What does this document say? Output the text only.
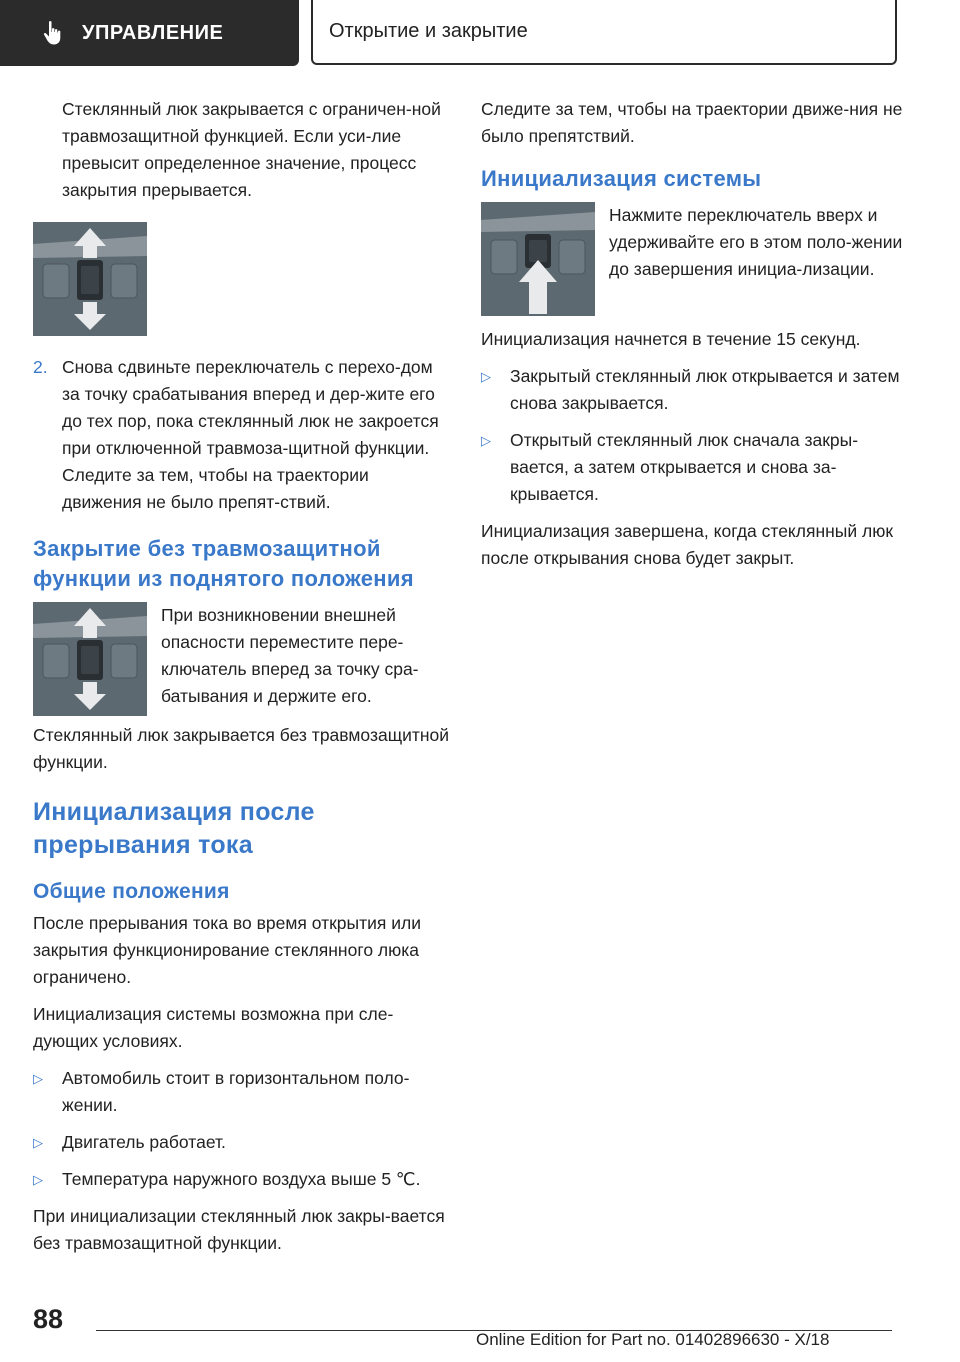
УПРАВЛЕНИЕ	Открытие и закрытие

Стеклянный люк закрывается с ограничен-ной травмозащитной функцией. Если уси-лие превысит определенное значение, процесс закрытия прерывается.

2. Снова сдвиньте переключатель с перехо-дом за точку срабатывания вперед и дер-жите его до тех пор, пока стеклянный люк не закроется при отключенной травмоза-щитной функции. Следите за тем, чтобы на траектории движения не было препят-ствий.
Закрытие без травмозащитной функции из поднятого положения
При возникновении внешней опасности переместите пере-ключатель вперед за точку сра-батывания и держите его.

Стеклянный люк закрывается без травмозащитной функции.

Инициализация после прерывания тока
Общие положения

После прерывания тока во время открытия или закрытия функционирование стеклянного люка ограничено.

Инициализация системы возможна при сле-дующих условиях.

▷	Автомобиль стоит в горизонтальном поло-жении.
▷	Двигатель работает.
▷	Температура наружного воздуха выше 5 ℃.

При инициализации стеклянный люк закры-вается без травмозащитной функции.

Следите за тем, чтобы на траектории движе-ния не было препятствий.

Инициализация системы
Нажмите переключатель вверх и удерживайте его в этом поло-жении до завершения инициа-лизации.

Инициализация начнется в течение 15 секунд.

▷	Закрытый стеклянный люк открывается и затем снова закрывается.
▷	Открытый стеклянный люк сначала закры-вается, а затем открывается и снова за-крывается.

Инициализация завершена, когда стеклянный люк после открывания снова будет закрыт.

88
Online Edition for Part no. 01402896630 - X/18
